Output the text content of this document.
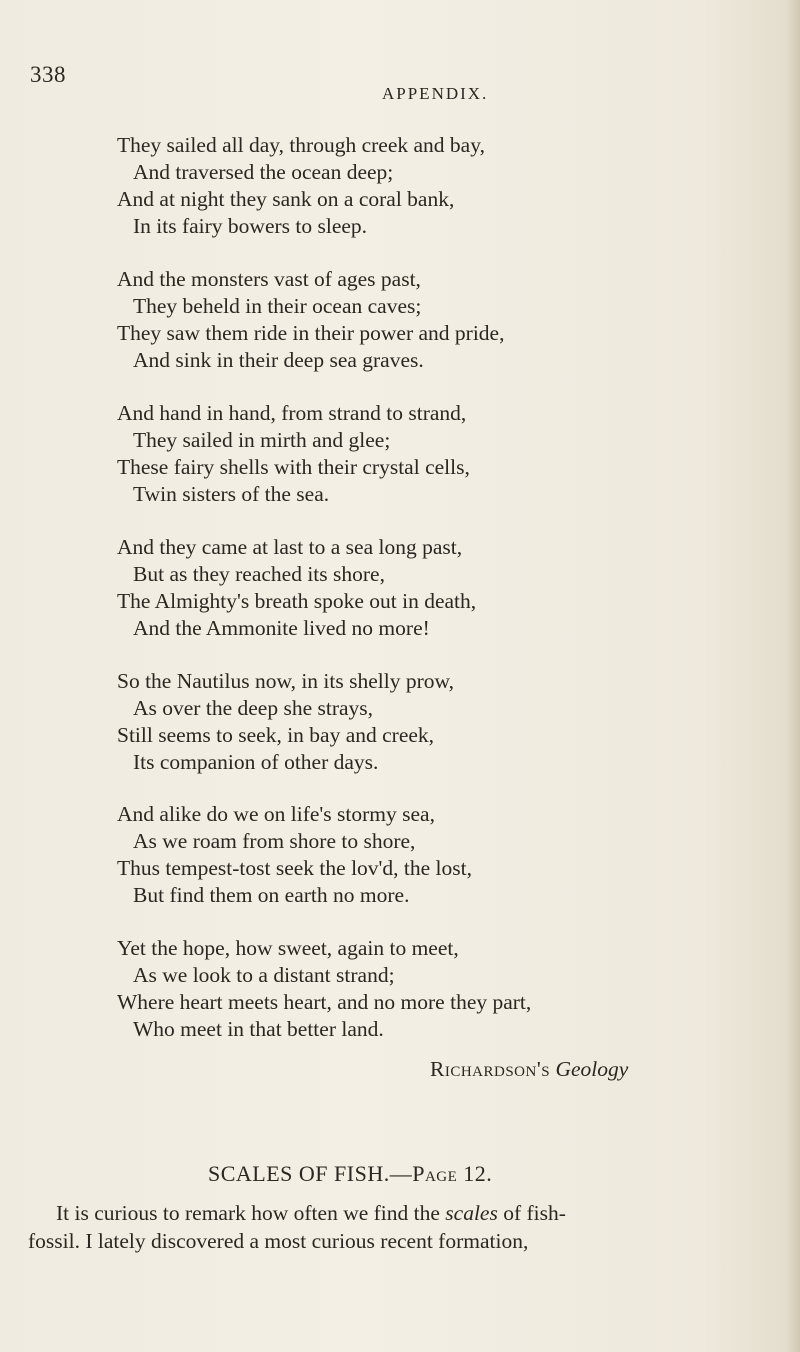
338
APPENDIX.
They sailed all day, through creek and bay,
And traversed the ocean deep;
And at night they sank on a coral bank,
In its fairy bowers to sleep.
And the monsters vast of ages past,
They beheld in their ocean caves;
They saw them ride in their power and pride,
And sink in their deep sea graves.
And hand in hand, from strand to strand,
They sailed in mirth and glee;
These fairy shells with their crystal cells,
Twin sisters of the sea.
And they came at last to a sea long past,
But as they reached its shore,
The Almighty's breath spoke out in death,
And the Ammonite lived no more!
So the Nautilus now, in its shelly prow,
As over the deep she strays,
Still seems to seek, in bay and creek,
Its companion of other days.
And alike do we on life's stormy sea,
As we roam from shore to shore,
Thus tempest-tost seek the lov'd, the lost,
But find them on earth no more.
Yet the hope, how sweet, again to meet,
As we look to a distant strand;
Where heart meets heart, and no more they part,
Who meet in that better land.
Richardson's Geology
SCALES OF FISH.—Page 12.
It is curious to remark how often we find the scales of fish-
fossil. I lately discovered a most curious recent formation,
